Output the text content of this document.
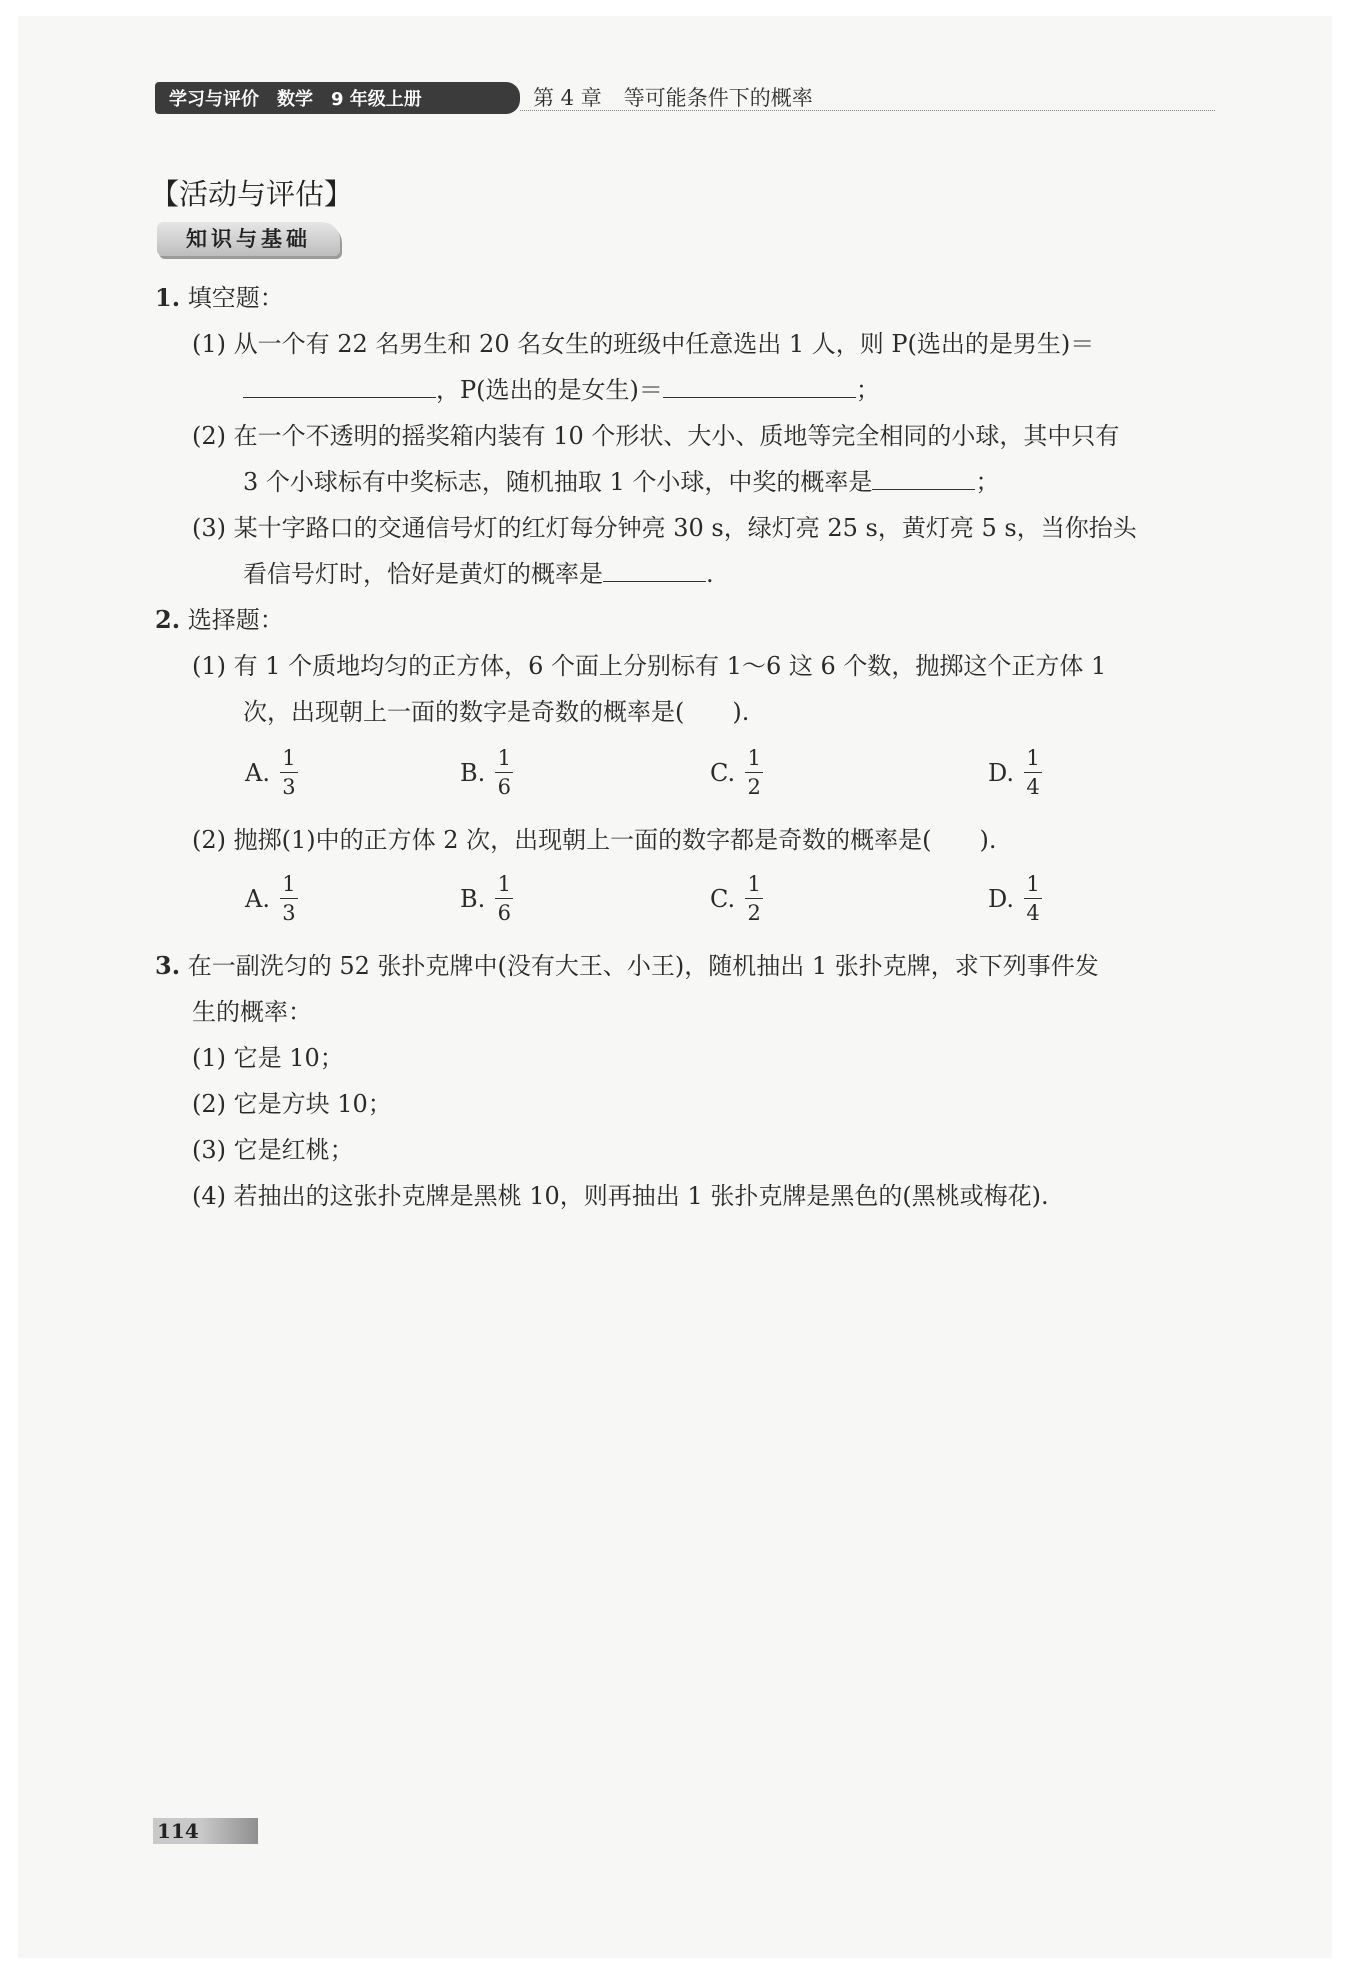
学习与评价 数学 9 年级上册	第 4 章 等可能条件下的概率
【活动与评估】
知识与基础
1. 填空题：
(1) 从一个有 22 名男生和 20 名女生的班级中任意选出 1 人，则 P(选出的是男生)＝
，P(选出的是女生)＝	；
(2) 在一个不透明的摇奖箱内装有 10 个形状、大小、质地等完全相同的小球，其中只有
3 个小球标有中奖标志，随机抽取 1 个小球，中奖的概率是	；
(3) 某十字路口的交通信号灯的红灯每分钟亮 30 s，绿灯亮 25 s，黄灯亮 5 s，当你抬头
看信号灯时，恰好是黄灯的概率是	.
2. 选择题：
(1) 有 1 个质地均匀的正方体，6 个面上分别标有 1～6 这 6 个数，抛掷这个正方体 1
次，出现朝上一面的数字是奇数的概率是(　　).
A. $\frac{1}{3}$	B. $\frac{1}{6}$	C. $\frac{1}{2}$	D. $\frac{1}{4}$
(2) 抛掷(1)中的正方体 2 次，出现朝上一面的数字都是奇数的概率是(　　).
A. $\frac{1}{3}$	B. $\frac{1}{6}$	C. $\frac{1}{2}$	D. $\frac{1}{4}$
3. 在一副洗匀的 52 张扑克牌中(没有大王、小王)，随机抽出 1 张扑克牌，求下列事件发
生的概率：
(1) 它是 10；
(2) 它是方块 10；
(3) 它是红桃；
(4) 若抽出的这张扑克牌是黑桃 10，则再抽出 1 张扑克牌是黑色的(黑桃或梅花).
114
